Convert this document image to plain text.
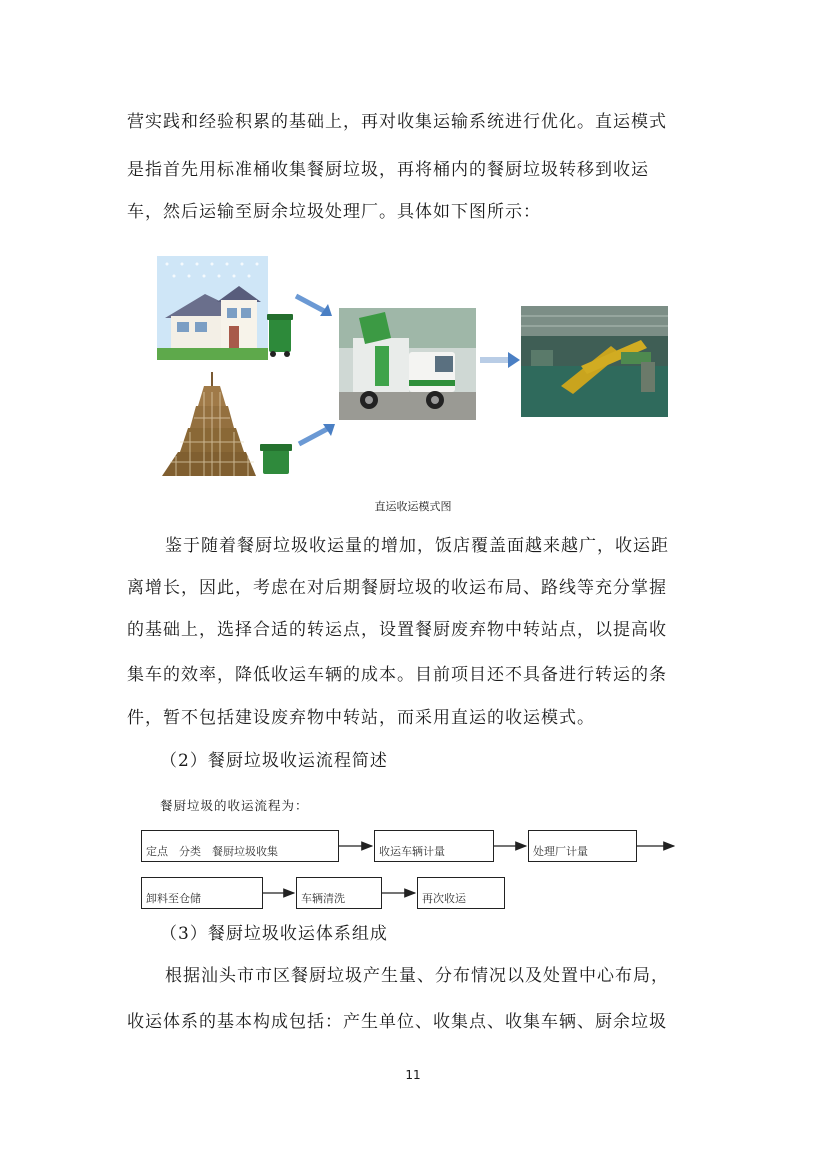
营实践和经验积累的基础上，再对收集运输系统进行优化。直运模式
是指首先用标准桶收集餐厨垃圾，再将桶内的餐厨垃圾转移到收运
车，然后运输至厨余垃圾处理厂。具体如下图所示：
直运收运模式图
鉴于随着餐厨垃圾收运量的增加，饭店覆盖面越来越广，收运距
离增长，因此，考虑在对后期餐厨垃圾的收运布局、路线等充分掌握
的基础上，选择合适的转运点，设置餐厨废弃物中转站点，以提高收
集车的效率，降低收运车辆的成本。目前项目还不具备进行转运的条
件，暂不包括建设废弃物中转站，而采用直运的收运模式。
（2）餐厨垃圾收运流程简述
餐厨垃圾的收运流程为：
定点　分类　餐厨垃圾收集	收运车辆计量	处理厂计量
卸料至仓储	车辆清洗	再次收运
（3）餐厨垃圾收运体系组成
根据汕头市市区餐厨垃圾产生量、分布情况以及处置中心布局，
收运体系的基本构成包括：产生单位、收集点、收集车辆、厨余垃圾
11
